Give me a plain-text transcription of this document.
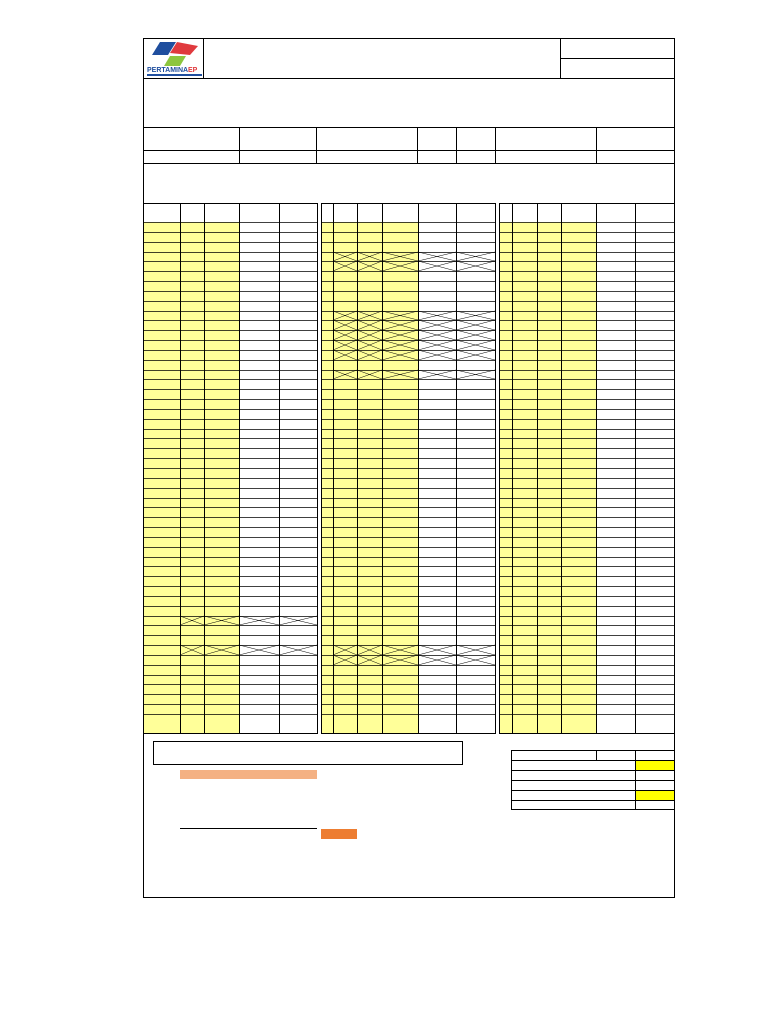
PERTAMINA EP
